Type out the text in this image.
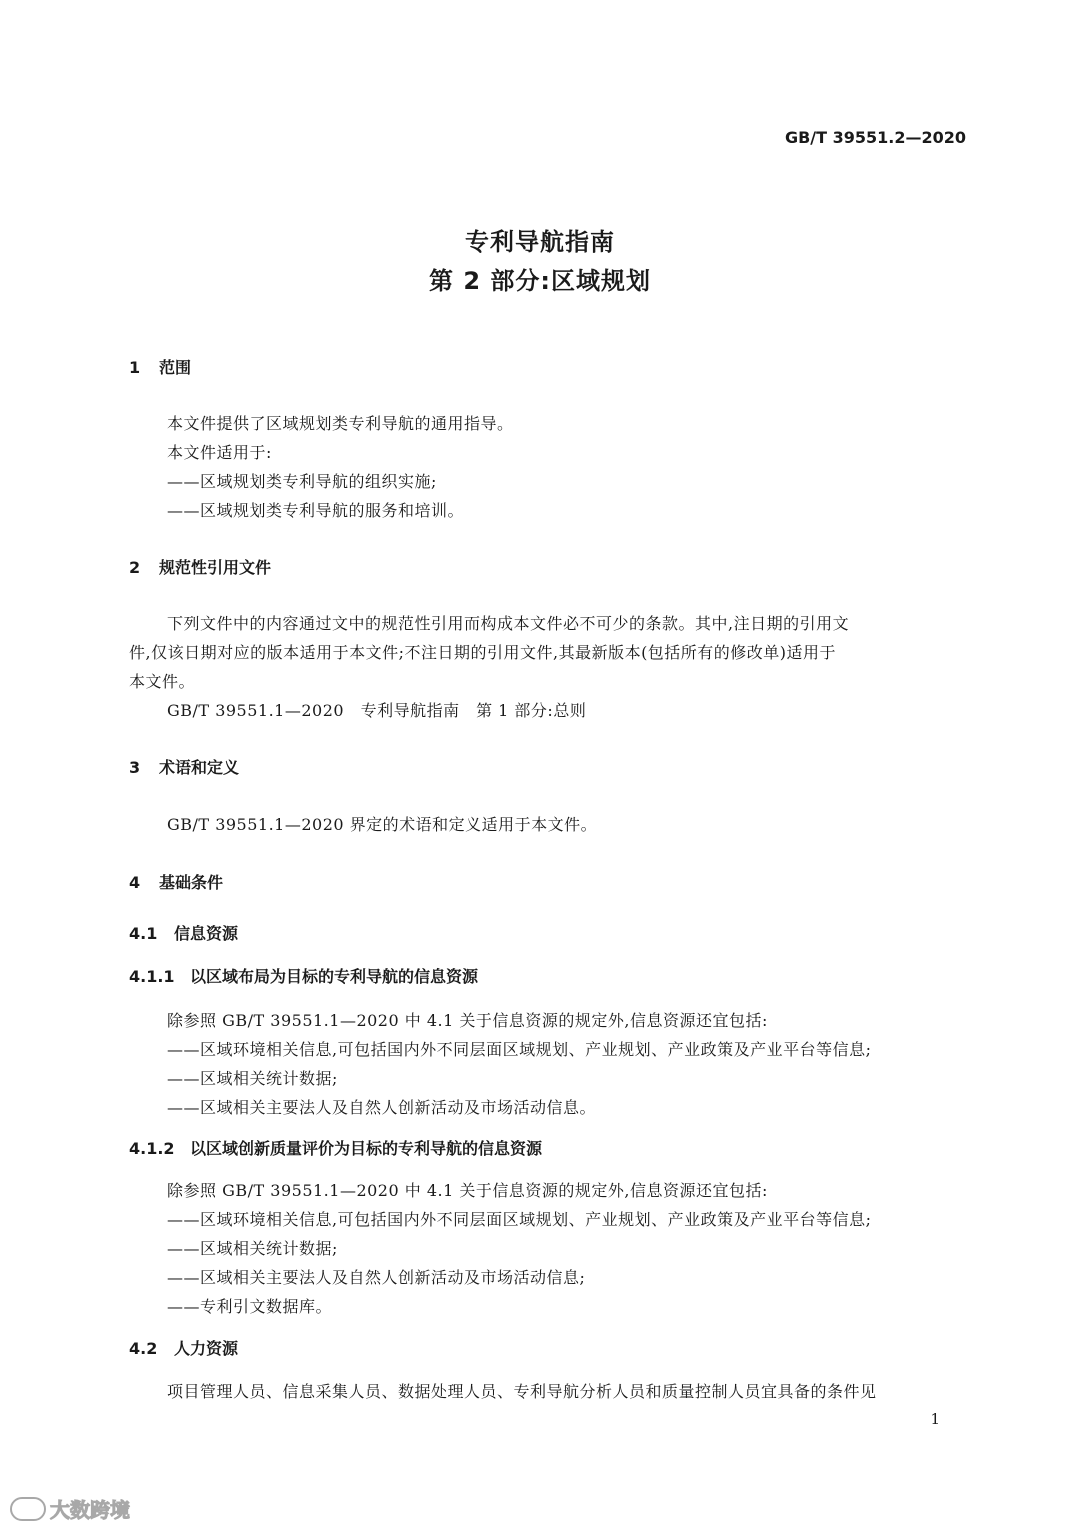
GB/T 39551.2—2020
专利导航指南
第 2 部分:区域规划
1 范围
本文件提供了区域规划类专利导航的通用指导。
本文件适用于:
——区域规划类专利导航的组织实施;
——区域规划类专利导航的服务和培训。
2 规范性引用文件
下列文件中的内容通过文中的规范性引用而构成本文件必不可少的条款。其中,注日期的引用文
件,仅该日期对应的版本适用于本文件;不注日期的引用文件,其最新版本(包括所有的修改单)适用于
本文件。
GB/T 39551.1—2020　专利导航指南　第 1 部分:总则
3 术语和定义
GB/T 39551.1—2020 界定的术语和定义适用于本文件。
4 基础条件
4.1 信息资源
4.1.1 以区域布局为目标的专利导航的信息资源
除参照 GB/T 39551.1—2020 中 4.1 关于信息资源的规定外,信息资源还宜包括:
——区域环境相关信息,可包括国内外不同层面区域规划、产业规划、产业政策及产业平台等信息;
——区域相关统计数据;
——区域相关主要法人及自然人创新活动及市场活动信息。
4.1.2 以区域创新质量评价为目标的专利导航的信息资源
除参照 GB/T 39551.1—2020 中 4.1 关于信息资源的规定外,信息资源还宜包括:
——区域环境相关信息,可包括国内外不同层面区域规划、产业规划、产业政策及产业平台等信息;
——区域相关统计数据;
——区域相关主要法人及自然人创新活动及市场活动信息;
——专利引文数据库。
4.2 人力资源
项目管理人员、信息采集人员、数据处理人员、专利导航分析人员和质量控制人员宜具备的条件见
1
大数跨境
